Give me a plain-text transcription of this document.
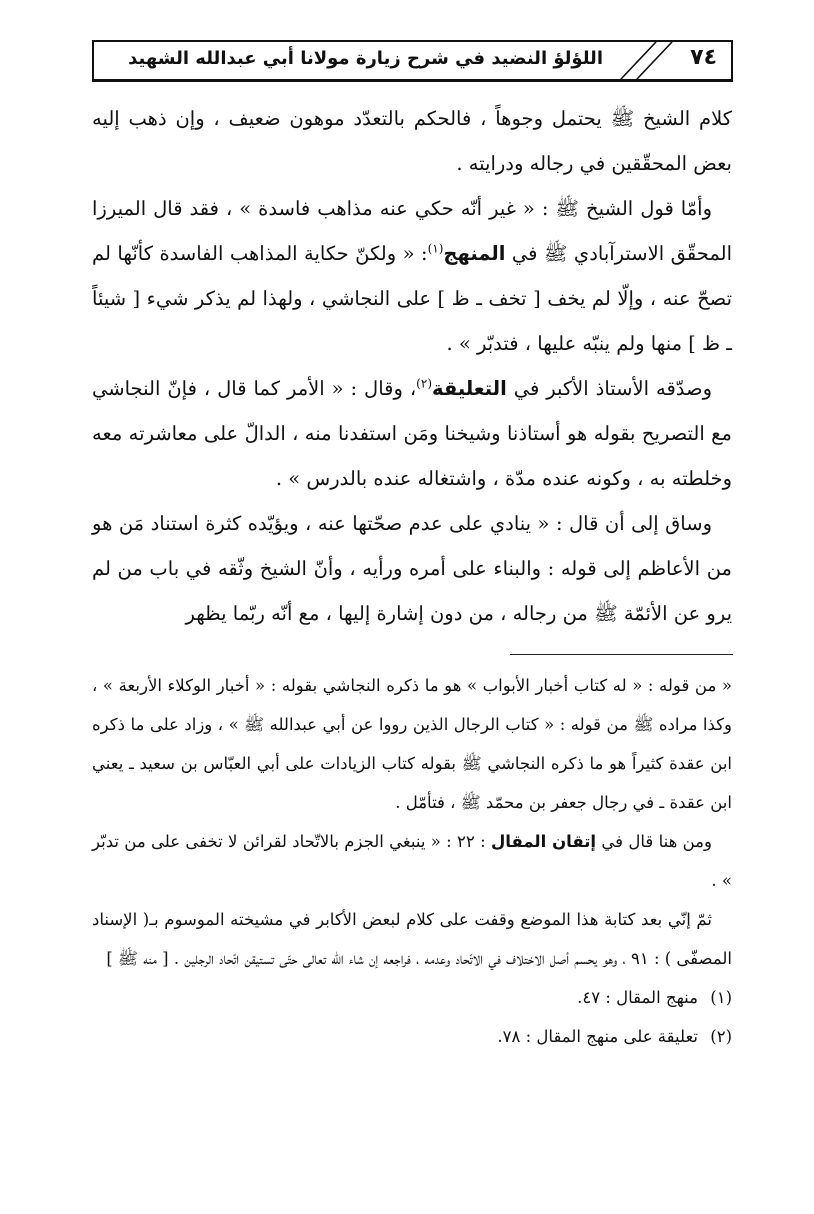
٧٤
اللؤلؤ النضيد في شرح زيارة مولانا أبي عبدالله الشهيد

كلام الشيخ ﷺ يحتمل وجوهاً ، فالحكم بالتعدّد موهون ضعيف ، وإن ذهب إليه بعض المحقّقين في رجاله ودرايته .

وأمّا قول الشيخ ﷺ : « غير أنّه حكي عنه مذاهب فاسدة » ، فقد قال الميرزا المحقّق الاسترآبادي ﷺ في المنهج$^{(١)}$: « ولكنّ حكاية المذاهب الفاسدة كأنّها لم تصحّ عنه ، وإلّا لم يخف [ تخف ـ ظ ] على النجاشي ، ولهذا لم يذكر شيء [ شيئاً ـ ظ ] منها ولم ينبّه عليها ، فتدبّر » .

وصدّقه الأستاذ الأكبر في التعليقة$^{(٢)}$، وقال : « الأمر كما قال ، فإنّ النجاشي مع التصريح بقوله هو أستاذنا وشيخنا ومَن استفدنا منه ، الدالّ على معاشرته معه وخلطته به ، وكونه عنده مدّة ، واشتغاله عنده بالدرس » .

وساق إلى أن قال : « ينادي على عدم صحّتها عنه ، ويؤيّده كثرة استناد مَن هو من الأعاظم إلى قوله : والبناء على أمره ورأيه ، وأنّ الشيخ وثّقه في باب من لم يرو عن الأئمّة ﷺ من رجاله ، من دون إشارة إليها ، مع أنّه ربّما يظهر

« من قوله : « له كتاب أخبار الأبواب » هو ما ذكره النجاشي بقوله : « أخبار الوكلاء الأربعة » ، وكذا مراده ﷺ من قوله : « كتاب الرجال الذين رووا عن أبي عبدالله ﷺ » ، وزاد على ما ذكره ابن عقدة كثيراً هو ما ذكره النجاشي ﷺ بقوله كتاب الزيادات على أبي العبّاس بن سعيد ـ يعني ابن عقدة ـ في رجال جعفر بن محمّد ﷺ ، فتأمّل .

ومن هنا قال في إتقان المقال : ٢٢ : « ينبغي الجزم بالاتّحاد لقرائن لا تخفى على من تدبّر » .

ثمّ إنّي بعد كتابة هذا الموضع وقفت على كلام لبعض الأكابر في مشيخته الموسوم بـ( الإسناد المصفّى ) : ٩١ ، وهو يحسم أصل الاختلاف في الاتّحاد وعدمه ، فراجعه إن شاء الله تعالى حتّى تستيقن اتّحاد الرجلين . [ منه ﷺ ]

(١)
منهج المقال : ٤٧.
(٢)
تعليقة على منهج المقال : ٧٨.
